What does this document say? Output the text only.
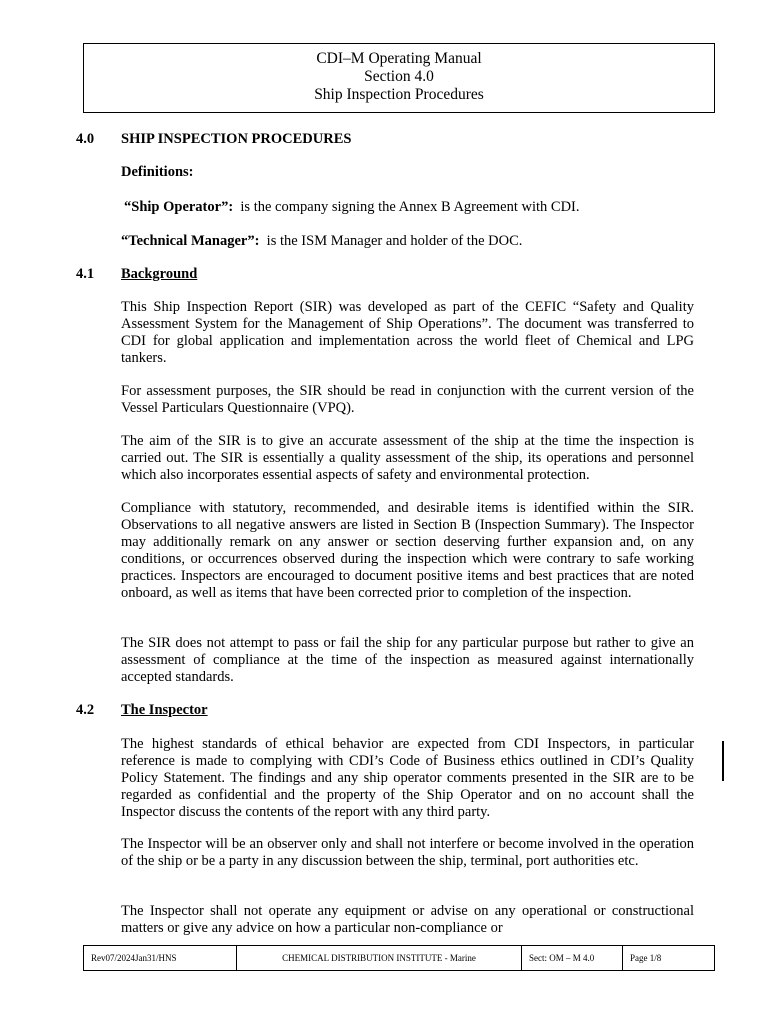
CDI–M Operating Manual
Section 4.0
Ship Inspection Procedures
4.0 SHIP INSPECTION PROCEDURES
Definitions:
“Ship Operator”: is the company signing the Annex B Agreement with CDI.
“Technical Manager”: is the ISM Manager and holder of the DOC.
4.1 Background

This Ship Inspection Report (SIR) was developed as part of the CEFIC “Safety and Quality Assessment System for the Management of Ship Operations”. The document was transferred to CDI for global application and implementation across the world fleet of Chemical and LPG tankers.

For assessment purposes, the SIR should be read in conjunction with the current version of the Vessel Particulars Questionnaire (VPQ).

The aim of the SIR is to give an accurate assessment of the ship at the time the inspection is carried out. The SIR is essentially a quality assessment of the ship, its operations and personnel which also incorporates essential aspects of safety and environmental protection.

Compliance with statutory, recommended, and desirable items is identified within the SIR. Observations to all negative answers are listed in Section B (Inspection Summary). The Inspector may additionally remark on any answer or section deserving further expansion and, on any conditions, or occurrences observed during the inspection which were contrary to safe working practices. Inspectors are encouraged to document positive items and best practices that are noted onboard, as well as items that have been corrected prior to completion of the inspection.

The SIR does not attempt to pass or fail the ship for any particular purpose but rather to give an assessment of compliance at the time of the inspection as measured against internationally accepted standards.

4.2 The Inspector

The highest standards of ethical behavior are expected from CDI Inspectors, in particular reference is made to complying with CDI’s Code of Business ethics outlined in CDI’s Quality Policy Statement. The findings and any ship operator comments presented in the SIR are to be regarded as confidential and the property of the Ship Operator and on no account shall the Inspector discuss the contents of the report with any third party.

The Inspector will be an observer only and shall not interfere or become involved in the operation of the ship or be a party in any discussion between the ship, terminal, port authorities etc.

The Inspector shall not operate any equipment or advise on any operational or constructional matters or give any advice on how a particular non-compliance or

Rev07/2024Jan31/HNS	CHEMICAL DISTRIBUTION INSTITUTE - Marine	Sect: OM – M 4.0	Page 1/8
